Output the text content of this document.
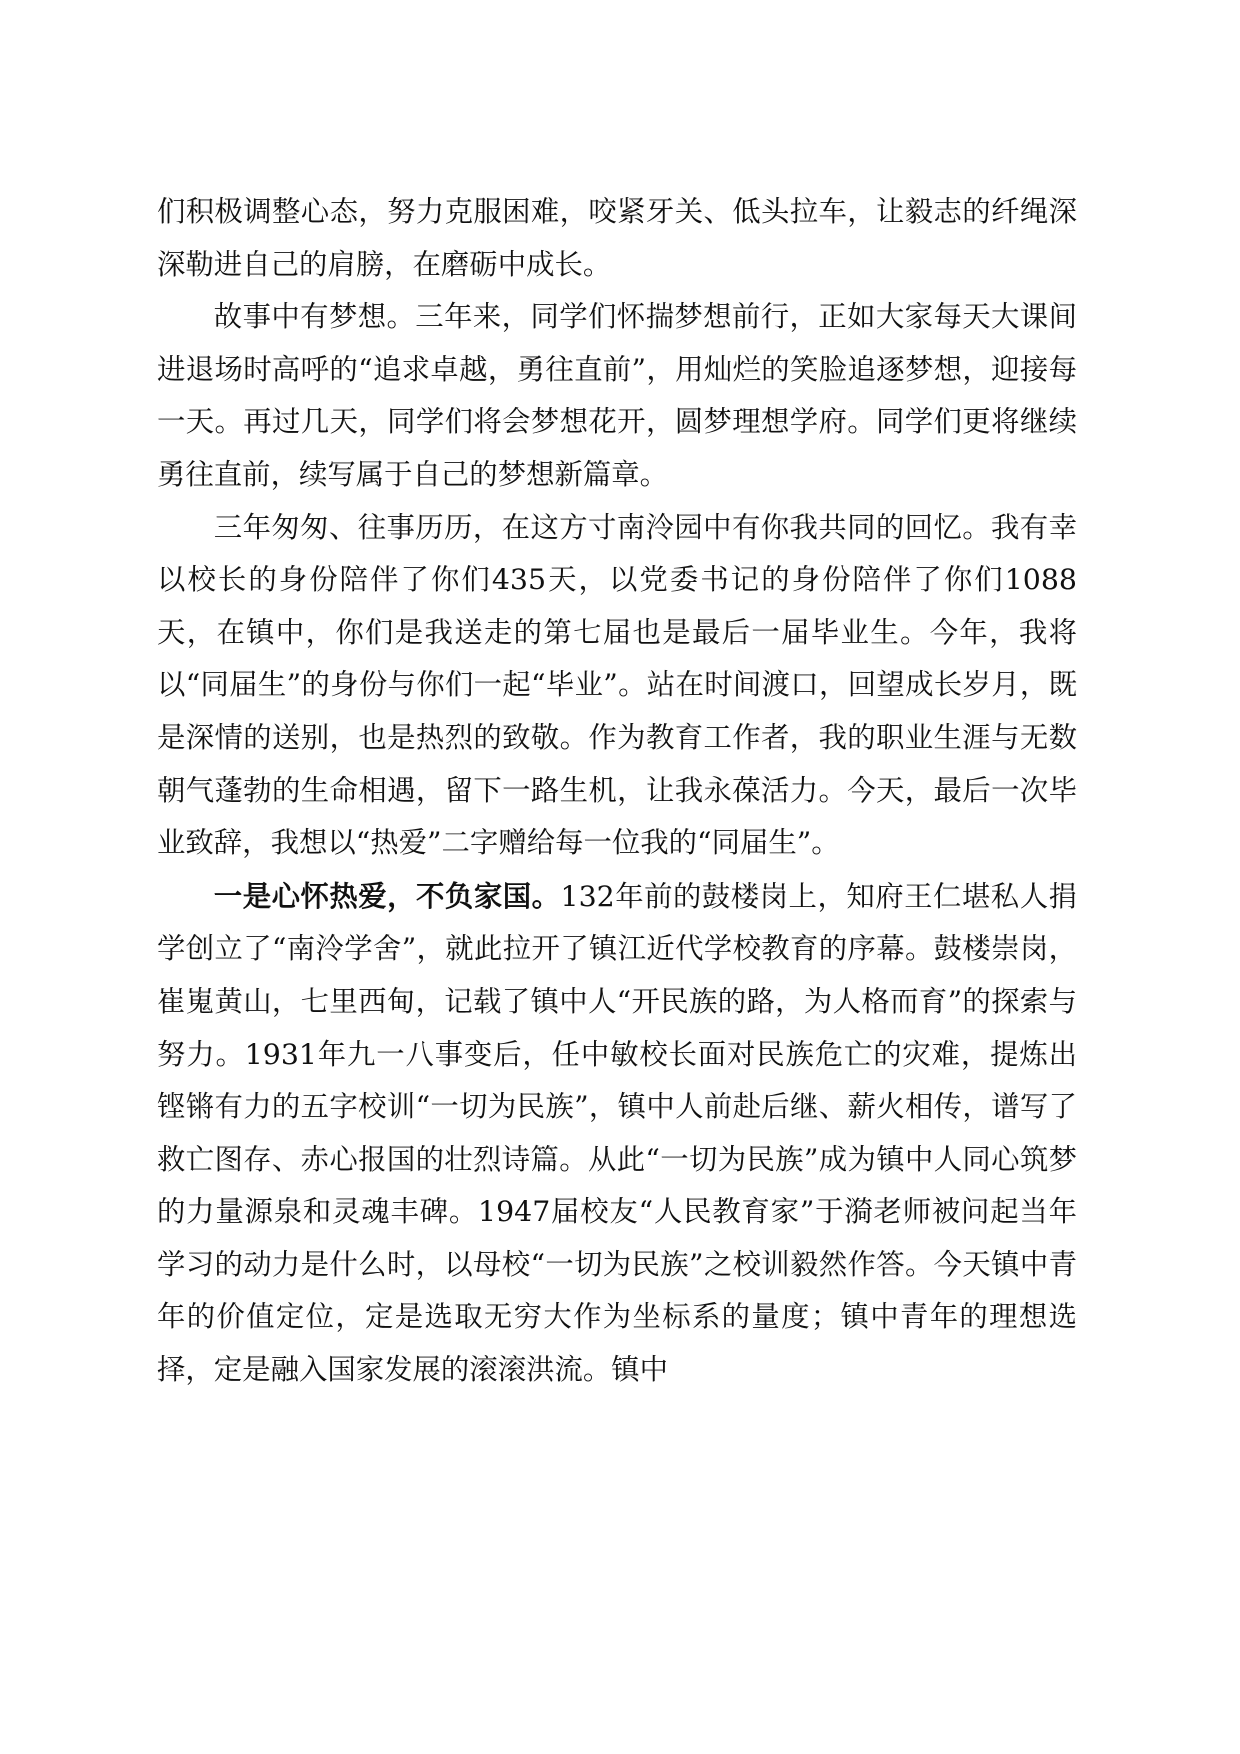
们积极调整心态，努力克服困难，咬紧牙关、低头拉车，让毅志的纤绳深深勒进自己的肩膀，在磨砺中成长。

故事中有梦想。三年来，同学们怀揣梦想前行，正如大家每天大课间进退场时高呼的“追求卓越，勇往直前”，用灿烂的笑脸追逐梦想，迎接每一天。再过几天，同学们将会梦想花开，圆梦理想学府。同学们更将继续勇往直前，续写属于自己的梦想新篇章。

三年匆匆、往事历历，在这方寸南泠园中有你我共同的回忆。我有幸以校长的身份陪伴了你们435天，以党委书记的身份陪伴了你们1088天，在镇中，你们是我送走的第七届也是最后一届毕业生。今年，我将以“同届生”的身份与你们一起“毕业”。站在时间渡口，回望成长岁月，既是深情的送别，也是热烈的致敬。作为教育工作者，我的职业生涯与无数朝气蓬勃的生命相遇，留下一路生机，让我永葆活力。今天，最后一次毕业致辞，我想以“热爱”二字赠给每一位我的“同届生”。

一是心怀热爱，不负家国。132年前的鼓楼岗上，知府王仁堪私人捐学创立了“南泠学舍”，就此拉开了镇江近代学校教育的序幕。鼓楼崇岗，崔嵬黄山，七里西甸，记载了镇中人“开民族的路，为人格而育”的探索与努力。1931年九一八事变后，任中敏校长面对民族危亡的灾难，提炼出铿锵有力的五字校训“一切为民族”，镇中人前赴后继、薪火相传，谱写了救亡图存、赤心报国的壮烈诗篇。从此“一切为民族”成为镇中人同心筑梦的力量源泉和灵魂丰碑。1947届校友“人民教育家”于漪老师被问起当年学习的动力是什么时，以母校“一切为民族”之校训毅然作答。今天镇中青年的价值定位，定是选取无穷大作为坐标系的量度；镇中青年的理想选择，定是融入国家发展的滚滚洪流。镇中
